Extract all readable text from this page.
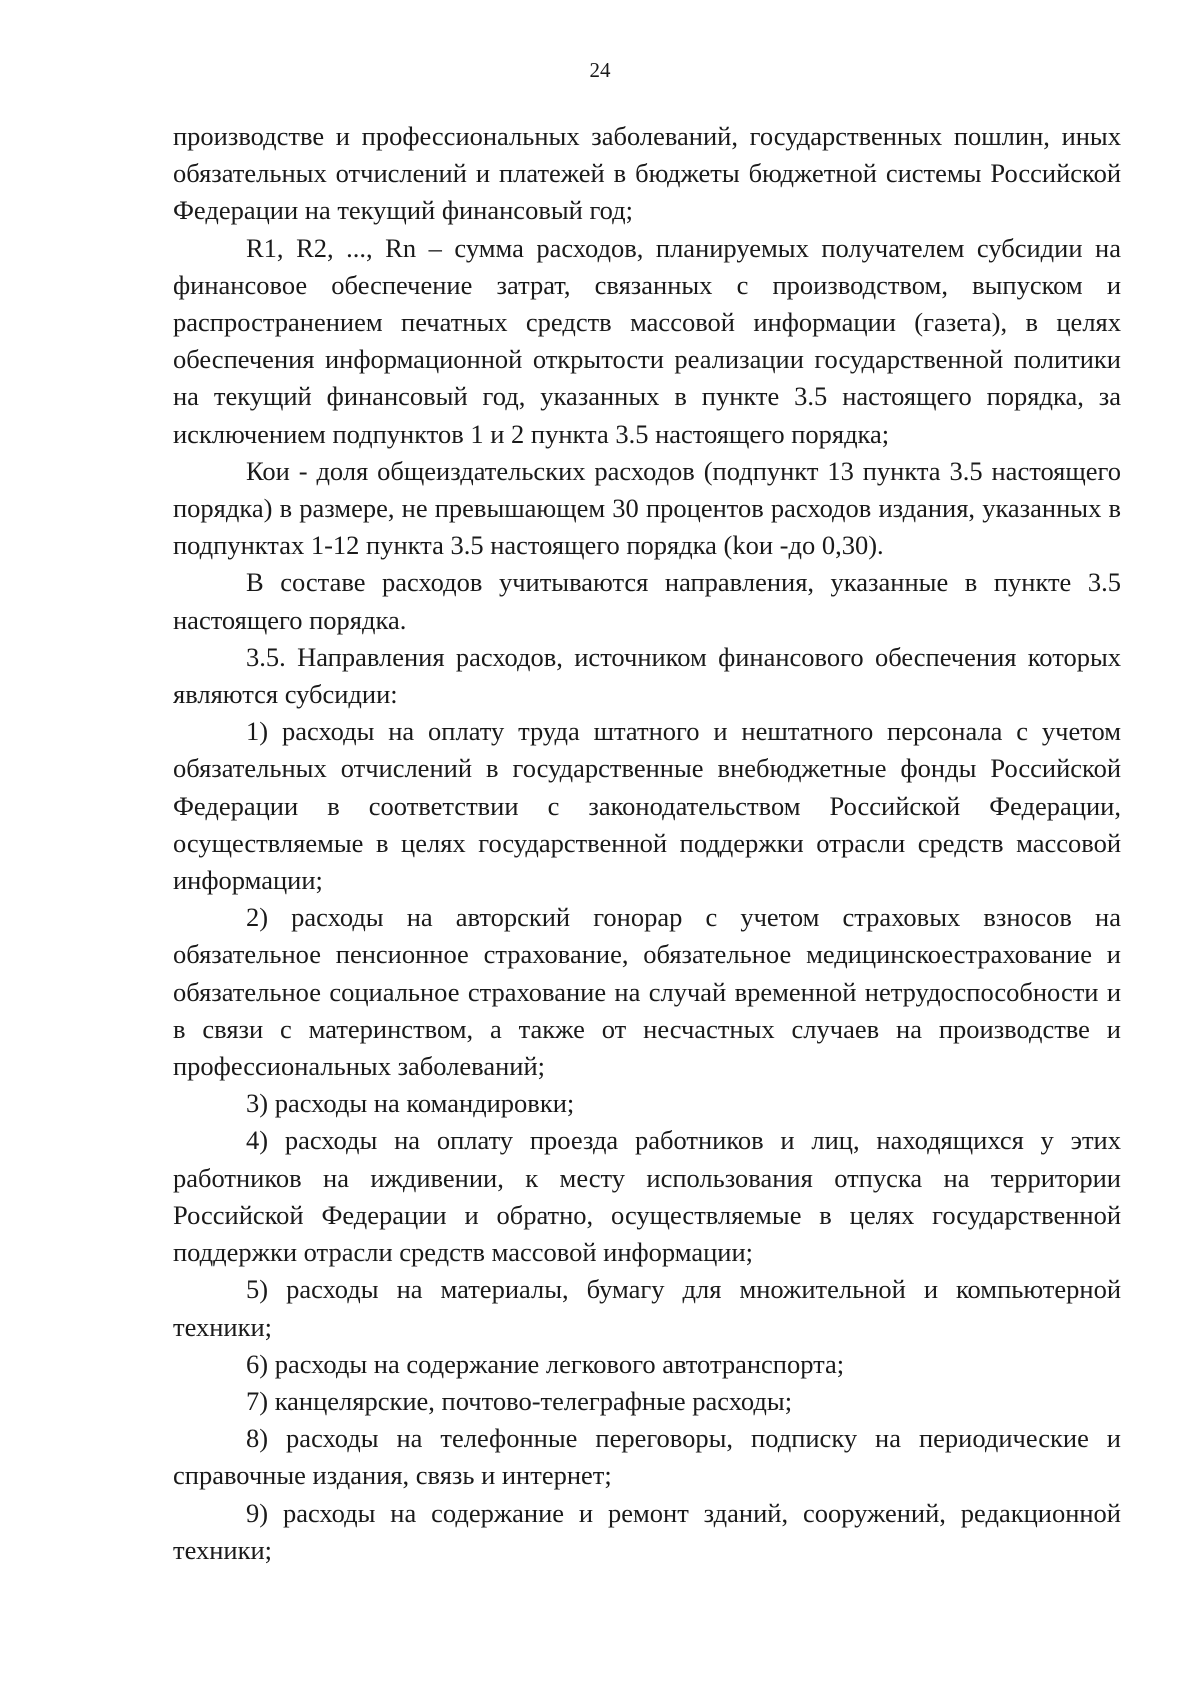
24

производстве и профессиональных заболеваний, государственных пошлин, иных обязательных отчислений и платежей в бюджеты бюджетной системы Российской Федерации на текущий финансовый год;

R1, R2, ..., Rn – сумма расходов, планируемых получателем субсидии на финансовое обеспечение затрат, связанных с производством, выпуском и распространением печатных средств массовой информации (газета), в целях обеспечения информационной открытости реализации государственной политики на текущий финансовый год, указанных в пункте 3.5 настоящего порядка, за исключением подпунктов 1 и 2 пункта 3.5 настоящего порядка;

Кои - доля общеиздательских расходов (подпункт 13 пункта 3.5 настоящего порядка) в размере, не превышающем 30 процентов расходов издания, указанных в подпунктах 1-12 пункта 3.5 настоящего порядка (kои -до 0,30).

В составе расходов учитываются направления, указанные в пункте 3.5 настоящего порядка.

3.5. Направления расходов, источником финансового обеспечения которых являются субсидии:

1) расходы на оплату труда штатного и нештатного персонала с учетом обязательных отчислений в государственные внебюджетные фонды Российской Федерации в соответствии с законодательством Российской Федерации, осуществляемые в целях государственной поддержки отрасли средств массовой информации;

2) расходы на авторский гонорар с учетом страховых взносов на обязательное пенсионное страхование, обязательное медицинскоестрахование и обязательное социальное страхование на случай временной нетрудоспособности и в связи с материнством, а также от несчастных случаев на производстве и профессиональных заболеваний;

3) расходы на командировки;

4) расходы на оплату проезда работников и лиц, находящихся у этих работников на иждивении, к месту использования отпуска на территории Российской Федерации и обратно, осуществляемые в целях государственной поддержки отрасли средств массовой информации;

5) расходы на материалы, бумагу для множительной и компьютерной техники;

6) расходы на содержание легкового автотранспорта;

7) канцелярские, почтово-телеграфные расходы;

8) расходы на телефонные переговоры, подписку на периодические и справочные издания, связь и интернет;

9) расходы на содержание и ремонт зданий, сооружений, редакционной техники;
